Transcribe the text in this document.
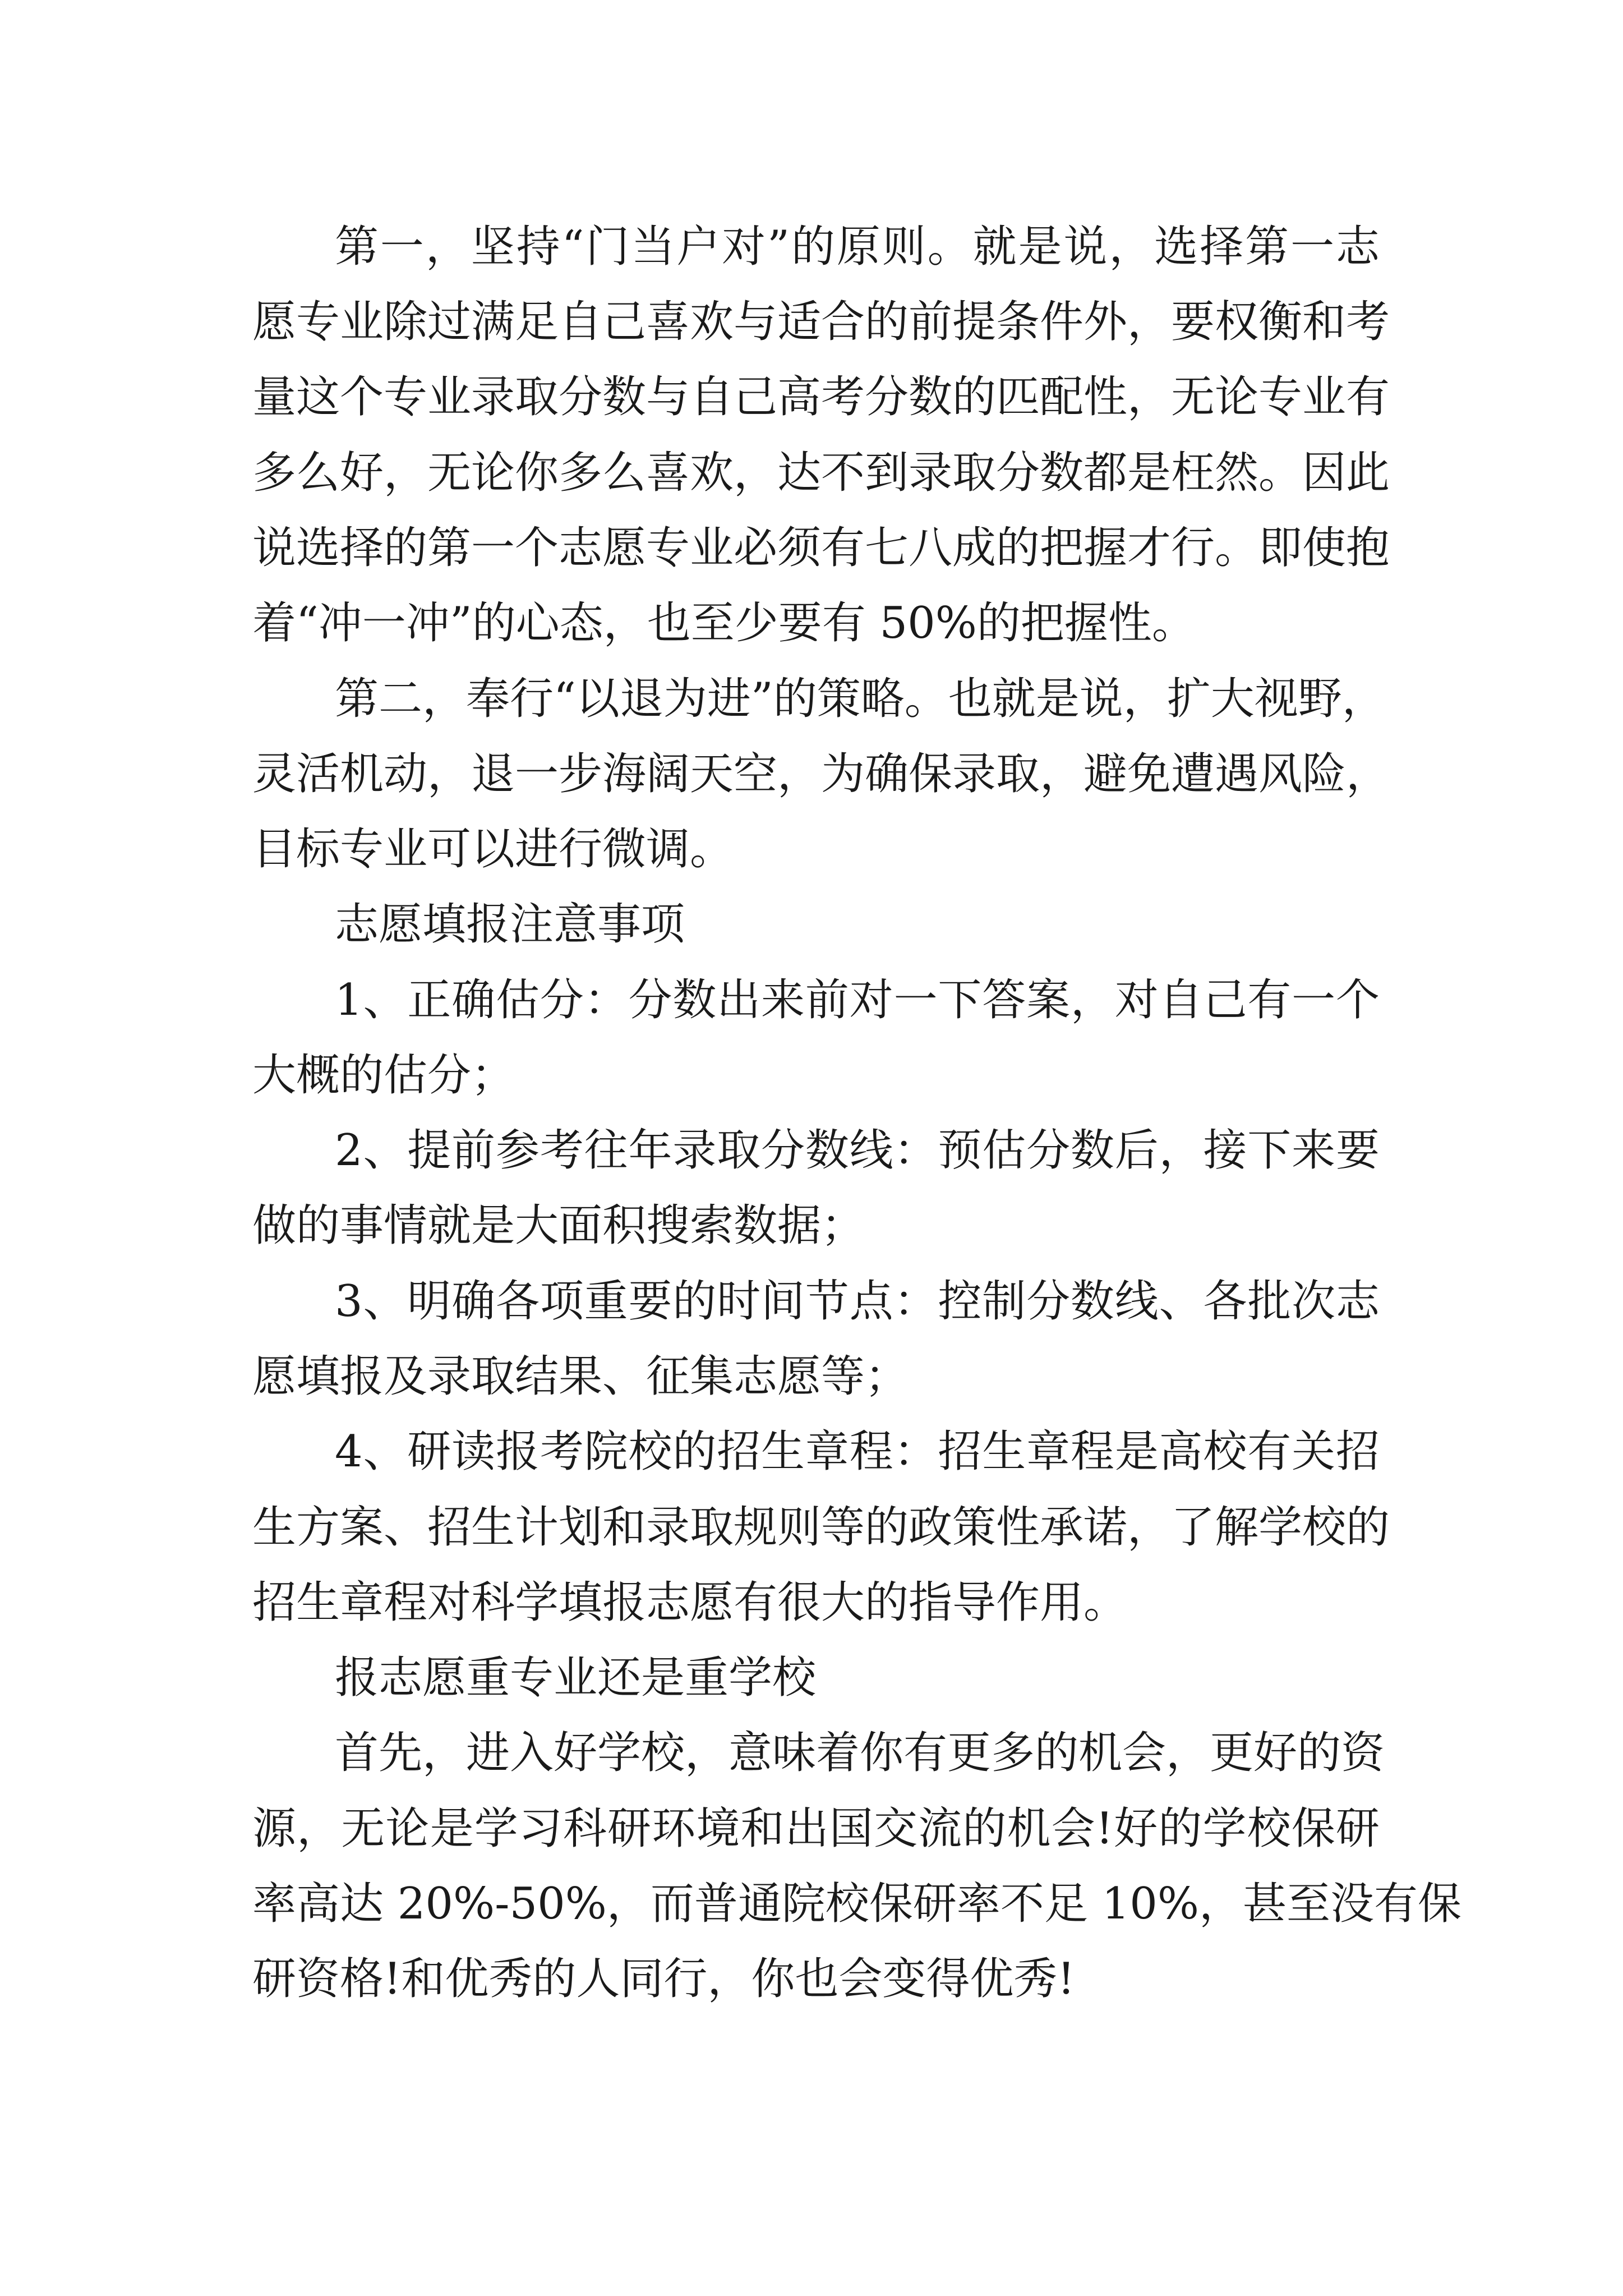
第一，坚持“门当户对”的原则。就是说，选择第一志

愿专业除过满足自己喜欢与适合的前提条件外，要权衡和考

量这个专业录取分数与自己高考分数的匹配性，无论专业有

多么好，无论你多么喜欢，达不到录取分数都是枉然。因此

说选择的第一个志愿专业必须有七八成的把握才行。即使抱

着“冲一冲”的心态，也至少要有 50%的把握性。

第二，奉行“以退为进”的策略。也就是说，扩大视野，

灵活机动，退一步海阔天空，为确保录取，避免遭遇风险，

目标专业可以进行微调。

志愿填报注意事项

1、正确估分：分数出来前对一下答案，对自己有一个

大概的估分；

2、提前参考往年录取分数线：预估分数后，接下来要

做的事情就是大面积搜索数据；

3、明确各项重要的时间节点：控制分数线、各批次志

愿填报及录取结果、征集志愿等；

4、研读报考院校的招生章程：招生章程是高校有关招

生方案、招生计划和录取规则等的政策性承诺，了解学校的

招生章程对科学填报志愿有很大的指导作用。

报志愿重专业还是重学校

首先，进入好学校，意味着你有更多的机会，更好的资

源，无论是学习科研环境和出国交流的机会!好的学校保研

率高达 20%-50%，而普通院校保研率不足 10%，甚至没有保

研资格!和优秀的人同行，你也会变得优秀!
